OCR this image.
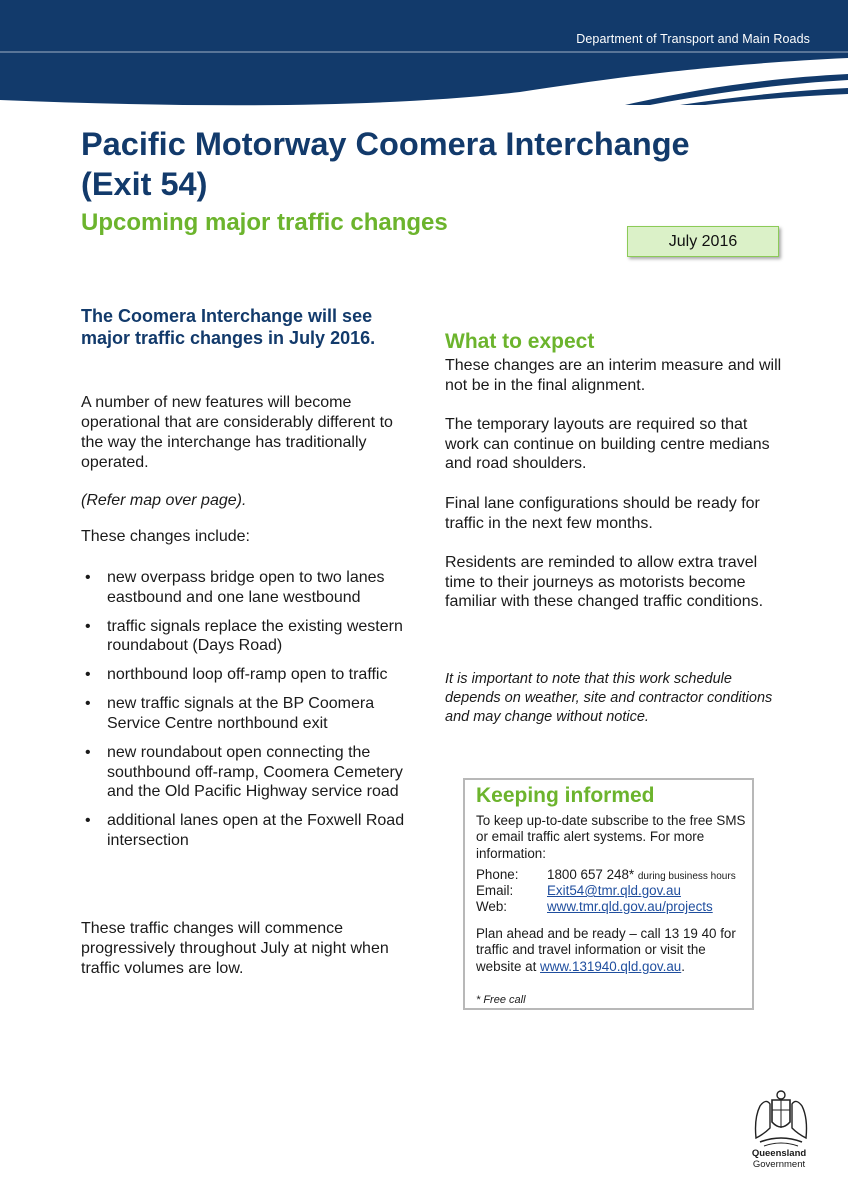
Department of Transport and Main Roads
Pacific Motorway Coomera Interchange
(Exit 54)
Upcoming major traffic changes
July 2016
The Coomera Interchange will see major traffic changes in July 2016.

A number of new features will become operational that are considerably different to the way the interchange has traditionally operated.

(Refer map over page).

These changes include:

• new overpass bridge open to two lanes eastbound and one lane westbound
• traffic signals replace the existing western roundabout (Days Road)
• northbound loop off-ramp open to traffic
• new traffic signals at the BP Coomera Service Centre northbound exit
• new roundabout open connecting the southbound off-ramp, Coomera Cemetery and the Old Pacific Highway service road
• additional lanes open at the Foxwell Road intersection

These traffic changes will commence progressively throughout July at night when traffic volumes are low.

What to expect

These changes are an interim measure and will not be in the final alignment.

The temporary layouts are required so that work can continue on building centre medians and road shoulders.

Final lane configurations should be ready for traffic in the next few months.

Residents are reminded to allow extra travel time to their journeys as motorists become familiar with these changed traffic conditions.

It is important to note that this work schedule depends on weather, site and contractor conditions and may change without notice.

Keeping informed
To keep up-to-date subscribe to the free SMS or email traffic alert systems. For more information:
Phone: 1800 657 248* during business hours
Email:	Exit54@tmr.qld.gov.au
Web:	www.tmr.qld.gov.au/projects
Plan ahead and be ready – call 13 19 40 for traffic and travel information or visit the website at www.131940.qld.gov.au.
* Free call
Queensland
Government
